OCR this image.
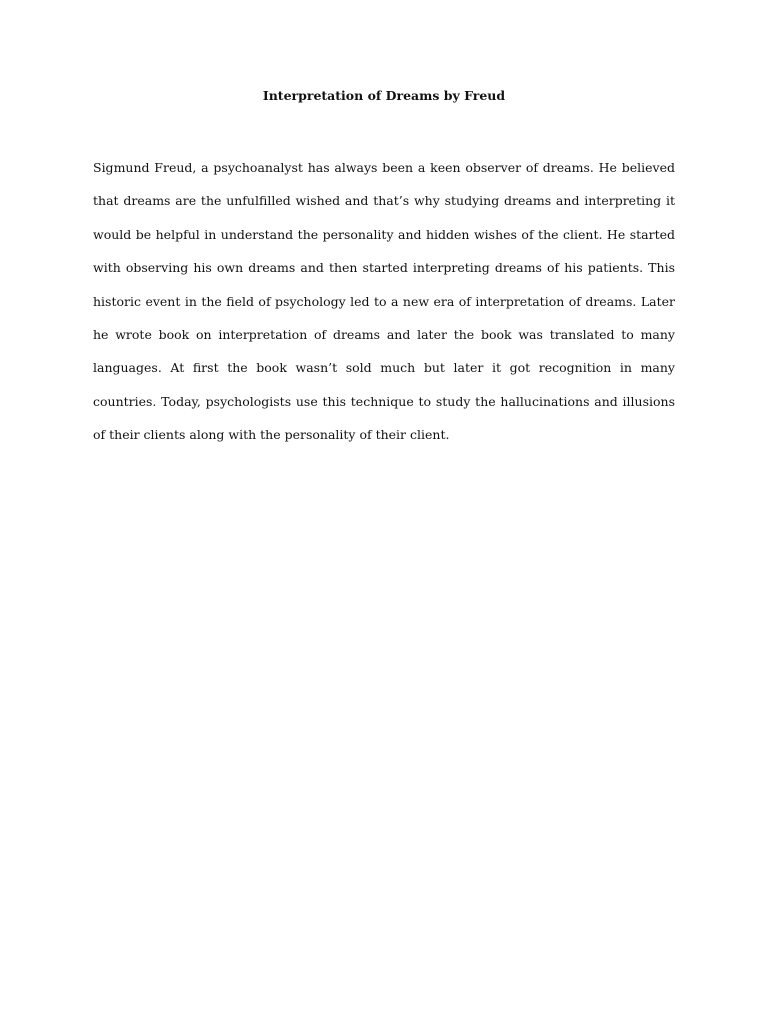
Interpretation of Dreams by Freud

Sigmund Freud, a psychoanalyst has always been a keen observer of dreams. He believed that dreams are the unfulfilled wished and that’s why studying dreams and interpreting it would be helpful in understand the personality and hidden wishes of the client. He started with observing his own dreams and then started interpreting dreams of his patients. This historic event in the field of psychology led to a new era of interpretation of dreams. Later he wrote book on interpretation of dreams and later the book was translated to many languages. At first the book wasn’t sold much but later it got recognition in many countries. Today, psychologists use this technique to study the hallucinations and illusions of their clients along with the personality of their client.
